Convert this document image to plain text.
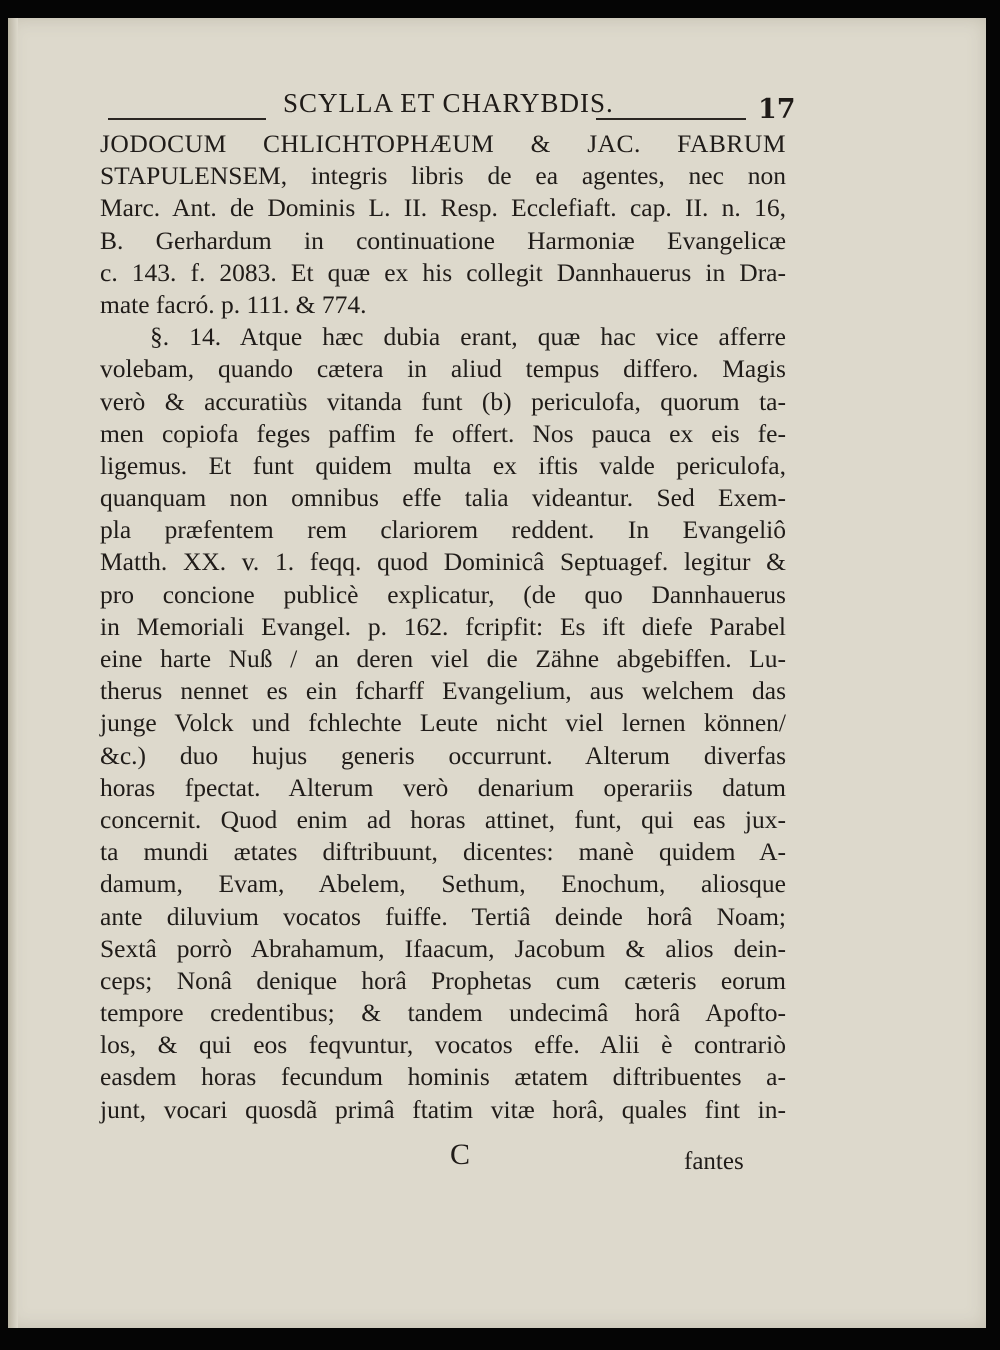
SCYLLA ET CHARYBDIS.	17
JODOCUM CHLICHTOPHÆUM & JAC. FABRUM
STAPULENSEM, integris libris de ea agentes, nec non
Marc. Ant. de Dominis L. II. Resp. Ecclefiaft. cap. II. n. 16,
B. Gerhardum in continuatione Harmoniæ Evangelicæ
c. 143. f. 2083. Et quæ ex his collegit Dannhauerus in Dra-
mate facró. p. 111. & 774.
§. 14. Atque hæc dubia erant, quæ hac vice afferre
volebam, quando cætera in aliud tempus differo. Magis
verò & accuratiùs vitanda funt (b) periculofa, quorum ta-
men copiofa feges paffim fe offert. Nos pauca ex eis fe-
ligemus. Et funt quidem multa ex iftis valde periculofa,
quanquam non omnibus effe talia videantur. Sed Exem-
pla præfentem rem clariorem reddent. In Evangeliô
Matth. XX. v. 1. feqq. quod Dominicâ Septuagef. legitur &
pro concione publicè explicatur, (de quo Dannhauerus
in Memoriali Evangel. p. 162. fcripfit: Es ift diefe Parabel
eine harte Nuß / an deren viel die Zähne abgebiffen. Lu-
therus nennet es ein fcharff Evangelium, aus welchem das
junge Volck und fchlechte Leute nicht viel lernen können/
&c.) duo hujus generis occurrunt. Alterum diverfas
horas fpectat. Alterum verò denarium operariis datum
concernit. Quod enim ad horas attinet, funt, qui eas jux-
ta mundi ætates diftribuunt, dicentes: manè quidem A-
damum, Evam, Abelem, Sethum, Enochum, aliosque
ante diluvium vocatos fuiffe. Tertiâ deinde horâ Noam;
Sextâ porrò Abrahamum, Ifaacum, Jacobum & alios dein-
ceps; Nonâ denique horâ Prophetas cum cæteris eorum
tempore credentibus; & tandem undecimâ horâ Apofto-
los, & qui eos feqvuntur, vocatos effe. Alii è contrariò
easdem horas fecundum hominis ætatem diftribuentes a-
junt, vocari quosdã primâ ftatim vitæ horâ, quales fint in-
C	fantes
